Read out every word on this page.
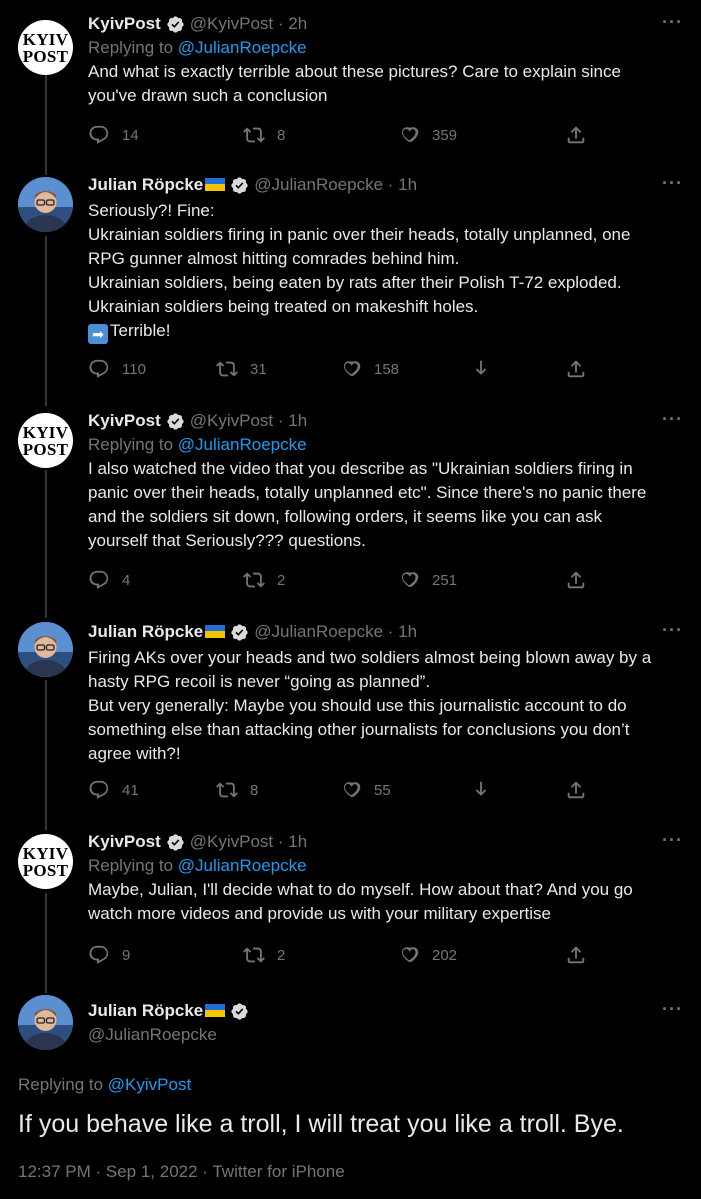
KYIV
POST
KyivPost @KyivPost · 2h	···
Replying to @JulianRoepcke
And what is exactly terrible about these pictures? Care to explain since
you've drawn such a conclusion
14	8	359
Julian Röpcke	@JulianRoepcke · 1h	···
Seriously?! Fine:
Ukrainian soldiers firing in panic over their heads, totally unplanned, one
RPG gunner almost hitting comrades behind him.
Ukrainian soldiers, being eaten by rats after their Polish T-72 exploded.
Ukrainian soldiers being treated on makeshift holes.
➡ Terrible!
110	31	158
KYIV
POST
KyivPost @KyivPost · 1h	···
Replying to @JulianRoepcke
I also watched the video that you describe as "Ukrainian soldiers firing in
panic over their heads, totally unplanned etc". Since there's no panic there
and the soldiers sit down, following orders, it seems like you can ask
yourself that Seriously??? questions.
4	2	251
Julian Röpcke	@JulianRoepcke · 1h	···
Firing AKs over your heads and two soldiers almost being blown away by a
hasty RPG recoil is never “going as planned”.
But very generally: Maybe you should use this journalistic account to do
something else than attacking other journalists for conclusions you don’t
agree with?!
41	8	55
KYIV
POST
KyivPost @KyivPost · 1h	···
Replying to @JulianRoepcke
Maybe, Julian, I'll decide what to do myself. How about that? And you go
watch more videos and provide us with your military expertise
9	2	202
Julian Röpcke
@JulianRoepcke
···
Replying to @KyivPost
If you behave like a troll, I will treat you like a troll. Bye.
12:37 PM · Sep 1, 2022 · Twitter for iPhone
